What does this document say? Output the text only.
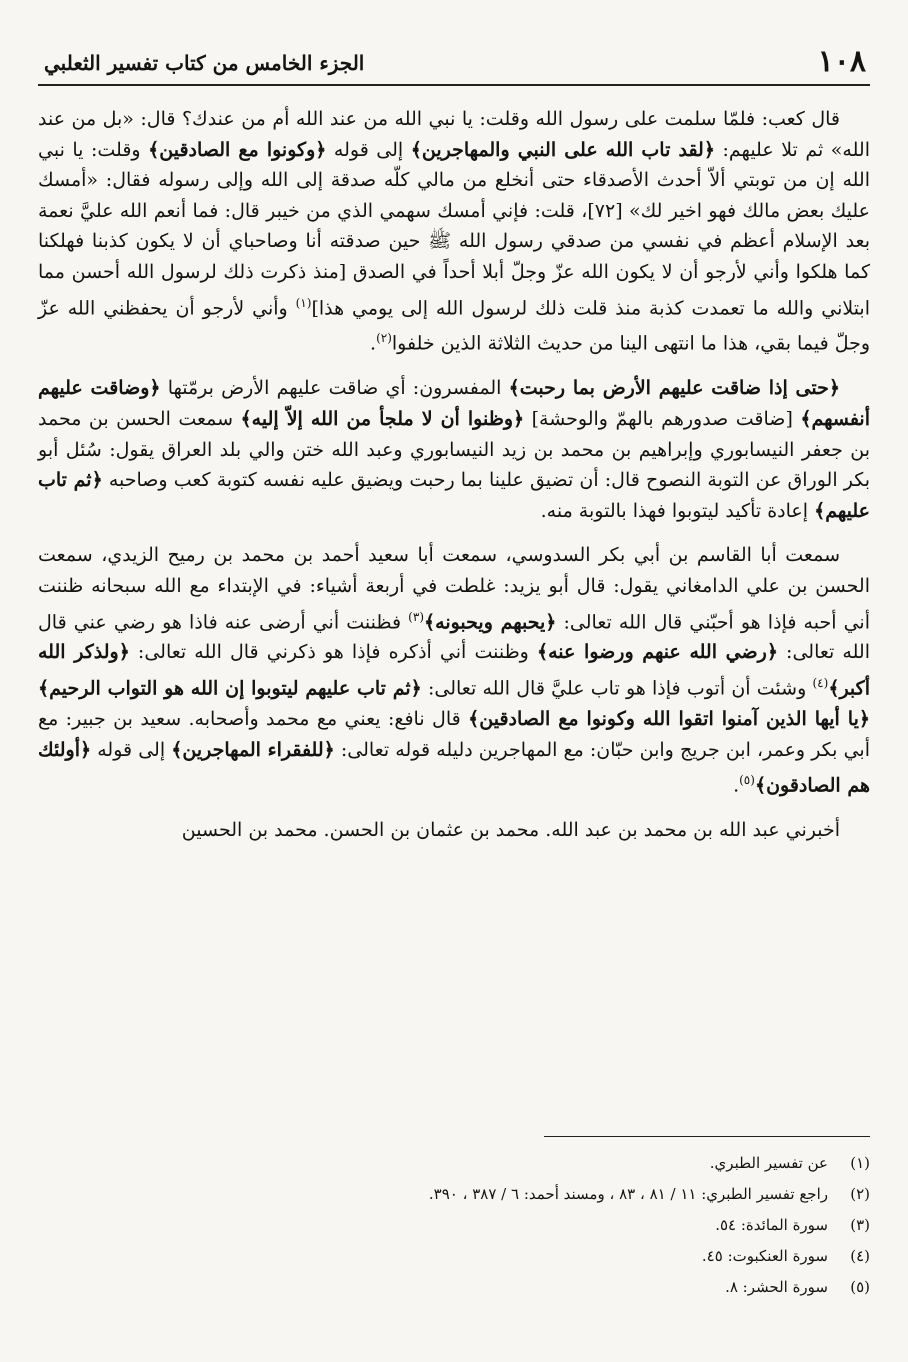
١٠٨
الجزء الخامس من كتاب تفسير الثعلبي

قال كعب: فلمّا سلمت على رسول الله وقلت: يا نبي الله من عند الله أم من عندك؟ قال: «بل من عند الله» ثم تلا عليهم: ﴿لقد تاب الله على النبي والمهاجرين﴾ إلى قوله ﴿وكونوا مع الصادقين﴾ وقلت: يا نبي الله إن من توبتي ألاّ أحدث الأصدقاء حتى أنخلع من مالي كلّه صدقة إلى الله وإلى رسوله فقال: «أمسك عليك بعض مالك فهو اخير لك» [٧٢]، قلت: فإني أمسك سهمي الذي من خيبر قال: فما أنعم الله عليَّ نعمة بعد الإسلام أعظم في نفسي من صدقي رسول الله ﷺ حين صدقته أنا وصاحباي أن لا يكون كذبنا فهلكنا كما هلكوا وأني لأرجو أن لا يكون الله عزّ وجلّ أبلا أحداً في الصدق [منذ ذكرت ذلك لرسول الله أحسن مما ابتلاني والله ما تعمدت كذبة منذ قلت ذلك لرسول الله إلى يومي هذا]$^{(١)}$ وأني لأرجو أن يحفظني الله عزّ وجلّ فيما بقي، هذا ما انتهى الينا من حديث الثلاثة الذين خلفوا$^{(٢)}$.

﴿حتى إذا ضاقت عليهم الأرض بما رحبت﴾ المفسرون: أي ضاقت عليهم الأرض برمّتها ﴿وضاقت عليهم أنفسهم﴾ [ضاقت صدورهم بالهمّ والوحشة] ﴿وظنوا أن لا ملجأ من الله إلاّ إليه﴾ سمعت الحسن بن محمد بن جعفر النيسابوري وإبراهيم بن محمد بن زيد النيسابوري وعبد الله ختن والي بلد العراق يقول: سُئل أبو بكر الوراق عن التوبة النصوح قال: أن تضيق علينا بما رحبت ويضيق عليه نفسه كتوبة كعب وصاحبه ﴿ثم تاب عليهم﴾ إعادة تأكيد ليتوبوا فهذا بالتوبة منه.

سمعت أبا القاسم بن أبي بكر السدوسي، سمعت أبا سعيد أحمد بن محمد بن رميح الزيدي، سمعت الحسن بن علي الدامغاني يقول: قال أبو يزيد: غلطت في أربعة أشياء: في الإبتداء مع الله سبحانه ظننت أني أحبه فإذا هو أحبّني قال الله تعالى: ﴿يحبهم ويحبونه﴾$^{(٣)}$ فظننت أني أرضى عنه فاذا هو رضي عني قال الله تعالى: ﴿رضي الله عنهم ورضوا عنه﴾ وظننت أني أذكره فإذا هو ذكرني قال الله تعالى: ﴿ولذكر الله أكبر﴾$^{(٤)}$ وشئت أن أتوب فإذا هو تاب عليَّ قال الله تعالى: ﴿ثم تاب عليهم ليتوبوا إن الله هو التواب الرحيم﴾ ﴿يا أيها الذين آمنوا اتقوا الله وكونوا مع الصادقين﴾ قال نافع: يعني مع محمد وأصحابه. سعيد بن جبير: مع أبي بكر وعمر، ابن جريج وابن حبّان: مع المهاجرين دليله قوله تعالى: ﴿للفقراء المهاجرين﴾ إلى قوله ﴿أولئك هم الصادقون﴾$^{(٥)}$.

أخبرني عبد الله بن محمد بن عبد الله. محمد بن عثمان بن الحسن. محمد بن الحسين

(١)
عن تفسير الطبري.
(٢)
راجع تفسير الطبري: ١١ / ٨١ ، ٨٣ ، ومسند أحمد: ٦ / ٣٨٧ ، ٣٩٠.
(٣)
سورة المائدة: ٥٤.
(٤)
سورة العنكبوت: ٤٥.
(٥)
سورة الحشر: ٨.
